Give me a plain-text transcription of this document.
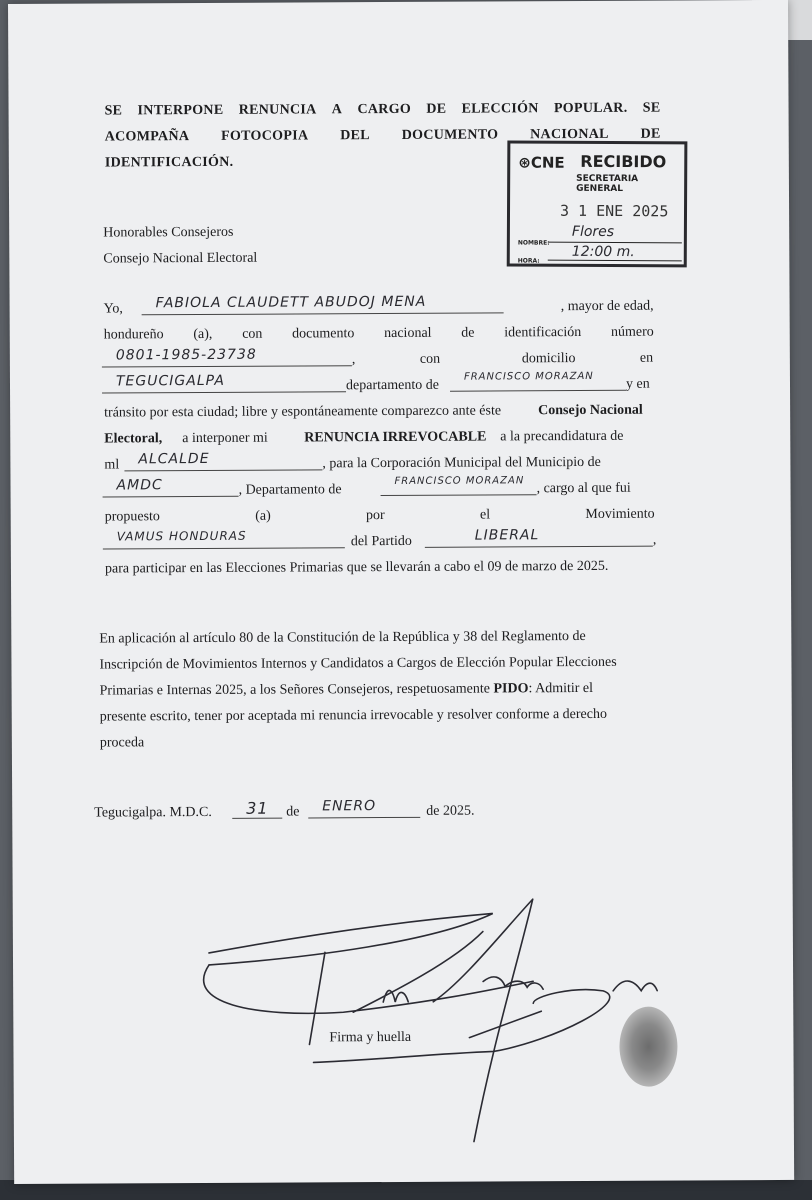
SE INTERPONE RENUNCIA A CARGO DE ELECCIÓN POPULAR. SE
ACOMPAÑA FOTOCOPIA DEL DOCUMENTO NACIONAL DE
IDENTIFICACIÓN.	⊛CNE RECIBIDO
SECRETARIA GENERAL
3 1 ENE 2025
NOMBRE:
Flores
HORA:
12:00 m.
Honorables Consejeros
Consejo Nacional Electoral
Yo,	FABIOLA CLAUDETT ABUDOJ MENA	, mayor de edad,
hondureño (a), con documento nacional de identificación número
0801-1985-23738	,	con	domicilio	en
TEGUCIGALPA	departamento de
FRANCISCO MORAZAN	y en
tránsito por esta ciudad; libre y espontáneamente comparezco ante éste	Consejo Nacional
Electoral, a interponer mi	RENUNCIA IRREVOCABLE a la precandidatura de
ml	ALCALDE	, para la Corporación Municipal del Municipio de
AMDC	, Departamento de
FRANCISCO MORAZAN , cargo al que fui
propuesto	(a)	por	el	Movimiento
VAMUS HONDURAS	del Partido	LIBERAL	,
para participar en las Elecciones Primarias que se llevarán a cabo el 09 de marzo de 2025.
En aplicación al artículo 80 de la Constitución de la República y 38 del Reglamento de
Inscripción de Movimientos Internos y Candidatos a Cargos de Elección Popular Elecciones
Primarias e Internas 2025, a los Señores Consejeros, respetuosamente PIDO: Admitir el
presente escrito, tener por aceptada mi renuncia irrevocable y resolver conforme a derecho
proceda
Tegucigalpa. M.D.C.	31	de	ENERO	de 2025.
Firma y huella
